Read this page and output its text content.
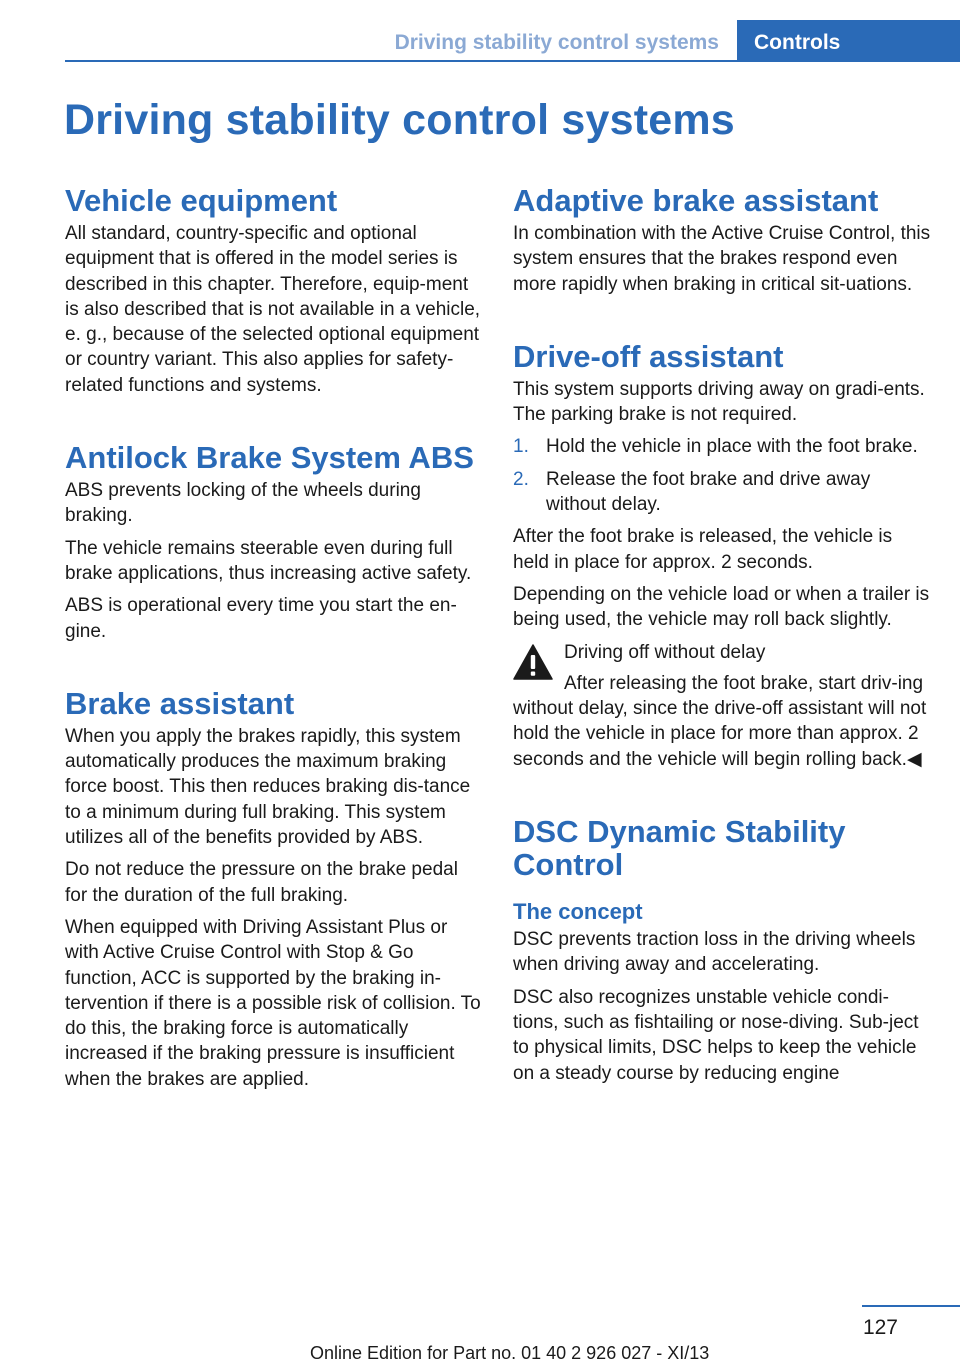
Driving stability control systems	Controls
Driving stability control systems
Vehicle equipment

All standard, country-specific and optional equipment that is offered in the model series is described in this chapter. Therefore, equip-ment is also described that is not available in a vehicle, e. g., because of the selected optional equipment or country variant. This also applies for safety-related functions and systems.

Antilock Brake System ABS

ABS prevents locking of the wheels during braking.

The vehicle remains steerable even during full brake applications, thus increasing active safety.

ABS is operational every time you start the en-gine.

Brake assistant

When you apply the brakes rapidly, this system automatically produces the maximum braking force boost. This then reduces braking dis-tance to a minimum during full braking. This system utilizes all of the benefits provided by ABS.

Do not reduce the pressure on the brake pedal for the duration of the full braking.

When equipped with Driving Assistant Plus or with Active Cruise Control with Stop & Go function, ACC is supported by the braking in-tervention if there is a possible risk of collision. To do this, the braking force is automatically increased if the braking pressure is insufficient when the brakes are applied.

Adaptive brake assistant

In combination with the Active Cruise Control, this system ensures that the brakes respond even more rapidly when braking in critical sit-uations.

Drive-off assistant

This system supports driving away on gradi-ents. The parking brake is not required.

1. Hold the vehicle in place with the foot brake.
2. Release the foot brake and drive away without delay.

After the foot brake is released, the vehicle is held in place for approx. 2 seconds.

Depending on the vehicle load or when a trailer is being used, the vehicle may roll back slightly.

Driving off without delay
After releasing the foot brake, start driv-ing without delay, since the drive-off assistant will not hold the vehicle in place for more than approx. 2 seconds and the vehicle will begin rolling back.◀
DSC Dynamic Stability Control
The concept

DSC prevents traction loss in the driving wheels when driving away and accelerating.

DSC also recognizes unstable vehicle condi-tions, such as fishtailing or nose-diving. Sub-ject to physical limits, DSC helps to keep the vehicle on a steady course by reducing engine

127
Online Edition for Part no. 01 40 2 926 027 - XI/13
